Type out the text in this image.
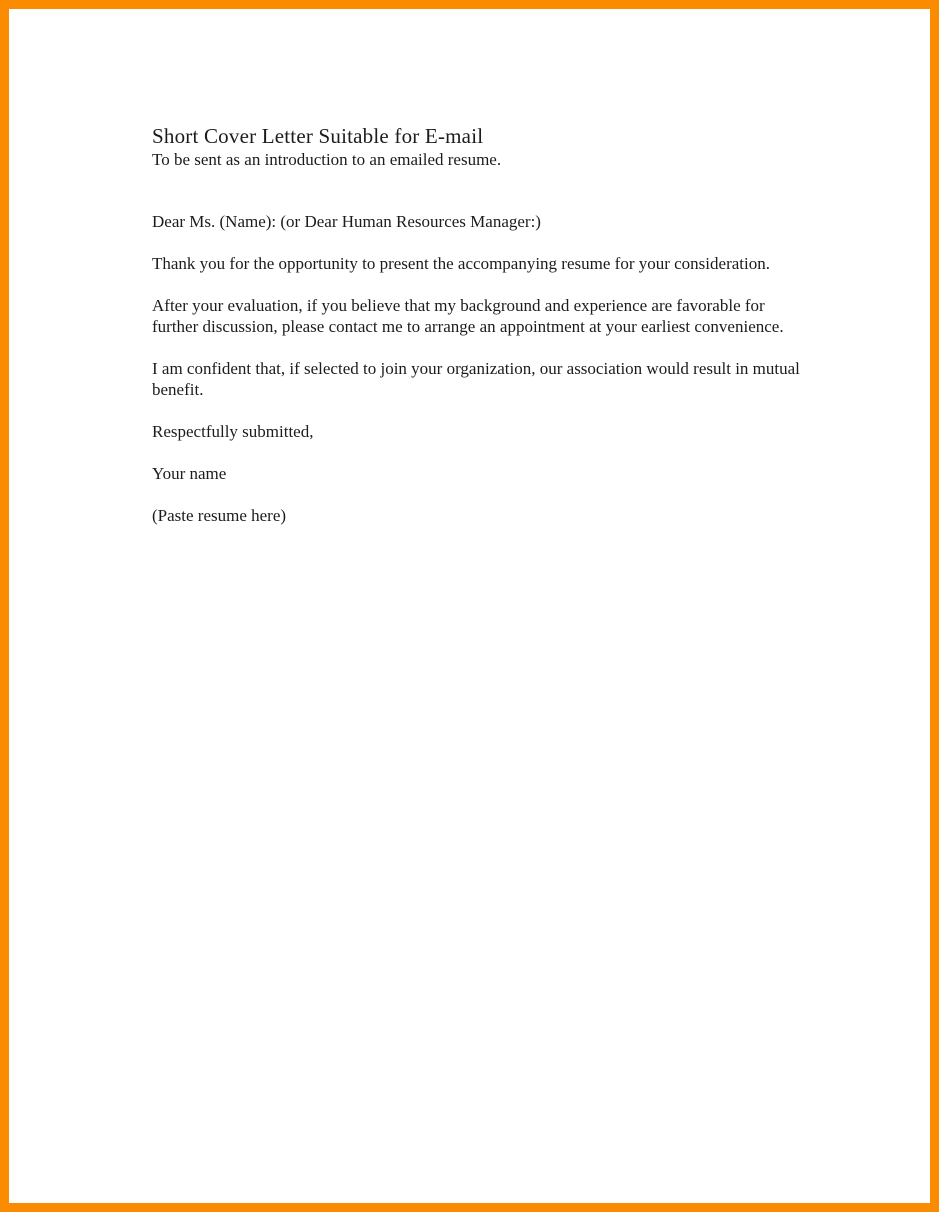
Short Cover Letter Suitable for E-mail

To be sent as an introduction to an emailed resume.

Dear Ms. (Name): (or Dear Human Resources Manager:)

Thank you for the opportunity to present the accompanying resume for your consideration.

After your evaluation, if you believe that my background and experience are favorable for further discussion, please contact me to arrange an appointment at your earliest convenience.

I am confident that, if selected to join your organization, our association would result in mutual benefit.

Respectfully submitted,

Your name

(Paste resume here)
